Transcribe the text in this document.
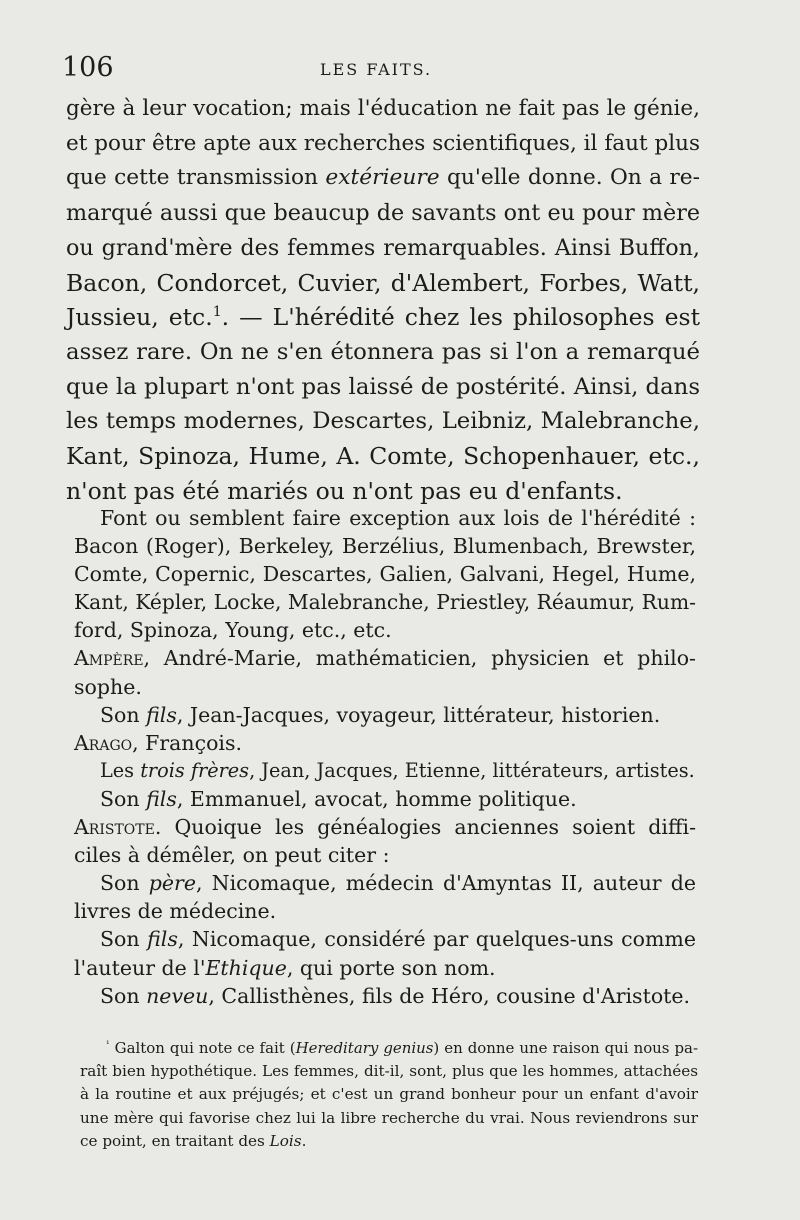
106	LES FAITS.
gère à leur vocation; mais l'éducation ne fait pas le génie,
et pour être apte aux recherches scientifiques, il faut plus
que cette transmission extérieure qu'elle donne. On a re-
marqué aussi que beaucup de savants ont eu pour mère
ou grand'mère des femmes remarquables. Ainsi Buffon,
Bacon, Condorcet, Cuvier, d'Alembert, Forbes, Watt,
Jussieu, etc.$^1$. — L'hérédité chez les philosophes est
assez rare. On ne s'en étonnera pas si l'on a remarqué
que la plupart n'ont pas laissé de postérité. Ainsi, dans
les temps modernes, Descartes, Leibniz, Malebranche,
Kant, Spinoza, Hume, A. Comte, Schopenhauer, etc.,
n'ont pas été mariés ou n'ont pas eu d'enfants.
Font ou semblent faire exception aux lois de l'hérédité :
Bacon (Roger), Berkeley, Berzélius, Blumenbach, Brewster,
Comte, Copernic, Descartes, Galien, Galvani, Hegel, Hume,
Kant, Képler, Locke, Malebranche, Priestley, Réaumur, Rum-
ford, Spinoza, Young, etc., etc.
Ampère, André-Marie, mathématicien, physicien et philo-
sophe.
Son fils, Jean-Jacques, voyageur, littérateur, historien.
Arago, François.
Les trois frères, Jean, Jacques, Etienne, littérateurs, artistes.
Son fils, Emmanuel, avocat, homme politique.
Aristote. Quoique les généalogies anciennes soient diffi-
ciles à démêler, on peut citer :
Son père, Nicomaque, médecin d'Amyntas II, auteur de
livres de médecine.
Son fils, Nicomaque, considéré par quelques-uns comme
l'auteur de l'Ethique, qui porte son nom.
Son neveu, Callisthènes, fils de Héro, cousine d'Aristote.
$^{^1}$ Galton qui note ce fait (Hereditary genius) en donne une raison qui nous pa-
raît bien hypothétique. Les femmes, dit-il, sont, plus que les hommes, attachées
à la routine et aux préjugés; et c'est un grand bonheur pour un enfant d'avoir
une mère qui favorise chez lui la libre recherche du vrai. Nous reviendrons sur
ce point, en traitant des Lois.
